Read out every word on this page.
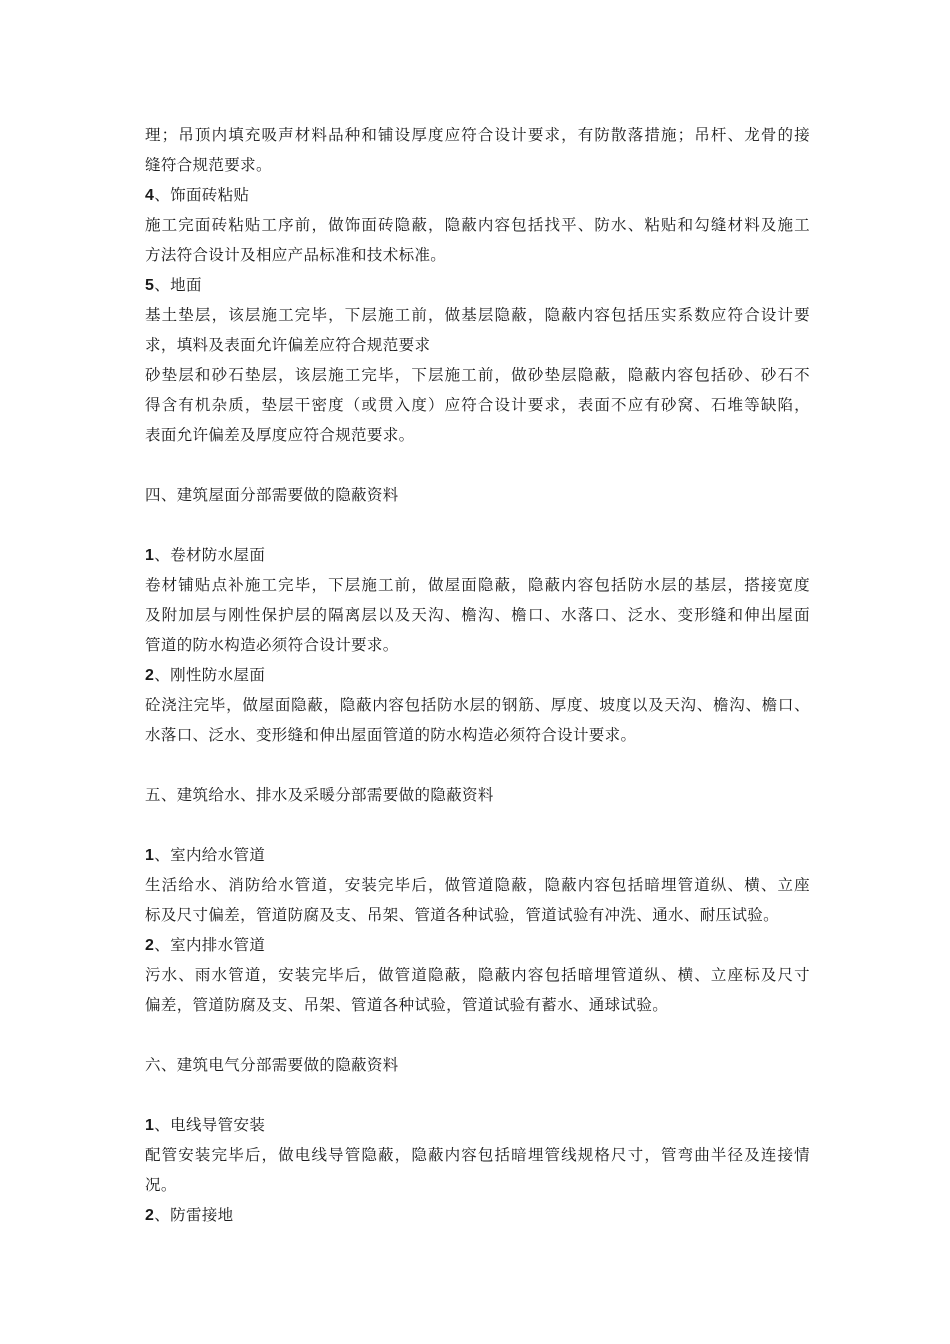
理；吊顶内填充吸声材料品种和铺设厚度应符合设计要求，有防散落措施；吊杆、龙骨的接
缝符合规范要求。
4、饰面砖粘贴
施工完面砖粘贴工序前，做饰面砖隐蔽，隐蔽内容包括找平、防水、粘贴和勾缝材料及施工
方法符合设计及相应产品标准和技术标准。
5、地面
基土垫层，该层施工完毕，下层施工前，做基层隐蔽，隐蔽内容包括压实系数应符合设计要
求，填料及表面允许偏差应符合规范要求
砂垫层和砂石垫层，该层施工完毕，下层施工前，做砂垫层隐蔽，隐蔽内容包括砂、砂石不
得含有机杂质，垫层干密度（或贯入度）应符合设计要求，表面不应有砂窝、石堆等缺陷，
表面允许偏差及厚度应符合规范要求。
四、建筑屋面分部需要做的隐蔽资料
1、卷材防水屋面
卷材铺贴点补施工完毕，下层施工前，做屋面隐蔽，隐蔽内容包括防水层的基层，搭接宽度
及附加层与刚性保护层的隔离层以及天沟、檐沟、檐口、水落口、泛水、变形缝和伸出屋面
管道的防水构造必须符合设计要求。
2、刚性防水屋面
砼浇注完毕，做屋面隐蔽，隐蔽内容包括防水层的钢筋、厚度、坡度以及天沟、檐沟、檐口、
水落口、泛水、变形缝和伸出屋面管道的防水构造必须符合设计要求。
五、建筑给水、排水及采暖分部需要做的隐蔽资料
1、室内给水管道
生活给水、消防给水管道，安装完毕后，做管道隐蔽，隐蔽内容包括暗埋管道纵、横、立座
标及尺寸偏差，管道防腐及支、吊架、管道各种试验，管道试验有冲洗、通水、耐压试验。
2、室内排水管道
污水、雨水管道，安装完毕后，做管道隐蔽，隐蔽内容包括暗埋管道纵、横、立座标及尺寸
偏差，管道防腐及支、吊架、管道各种试验，管道试验有蓄水、通球试验。
六、建筑电气分部需要做的隐蔽资料
1、电线导管安装
配管安装完毕后，做电线导管隐蔽，隐蔽内容包括暗埋管线规格尺寸，管弯曲半径及连接情
况。
2、防雷接地
